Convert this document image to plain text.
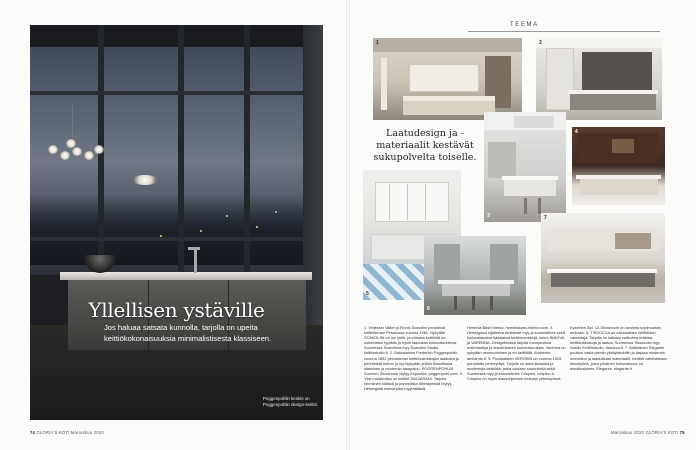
Yllellisen ystäville
Jos haluaa satsata kunnolla, tarjolla on upeita keittiökokonaisuuksia minimalistisesta klassiseen.
Poggenpohlin keskiö on Poggenpohlin design-keittiö.
74 GLORIA'S KOTI Marraskuu 2020
TEEMA
1	2
3
4
5
6
7
Laatudesign ja -materiaalit kestävät sukupolvelta toiselle.

1. Veljekset Valter ja Finnis Scavolini perustivat keittiöfirman Pesarossa vuonna 1961. Nykyään SCAVOLINI on iso yhtiö, ja erilaisia keittiöitä on uskomaton tyylikäs ja hyvin laadukas kokonaisuutena. Suomessa Scavolinia myy Scavolini Studio, keittiostudio.fi. 2. Saksalaisen Frederich Poggenpohlin vuonna 1892 perustaman keittiövalmistajan laadusta ja perinteistä kertoo jo nyt Nykyään yhtiön filosofiassa klassinen ja modernin tasapaino. POGGENPOHLIN Suomen Showroom löytyy Espoosta, poggenpohl.com. 3. Yksi mallistoista on keittiöt SALVARANI. Tarjolla kermiinen kiiltävä ja paneellista lähestymistä löytyy, Helsingistä esimerkiksi myymälästä.

Hemmia Bäst Interior, hemmiabast-interior.com. 4. Helsingissä sijaitseva Ambiente myy ja suunnittelee sekä korkeatasoisia Italialaisia keittiömerkkejä, kuten BINOVA ja VARENNA. Designtiloissa tarjolla monipuolisia materiaaleja ja sisustukseen kokonaisuuksia. Varenna on nykyään neomuotoinen ja eri keittiöitä. Ambiente, ambiente.fi. 5. Puolalaisten VEROKIN on vuonna 1925 perustettu perheyritys. Tarjolla on sekä klassisia ja moderneja keittiöitä, jotka voidaan suunnitella sekä Suomessa myy ja suunnittelee Crispino, crispino.fi. Crispino on myös tilausohjelman mukaan yhteistyössä.

Kyseinen Äpl. 12-Showroom on avoinna sopimuksen mukaan. 6. TISSOCCA on saksalainen keittiöiden valmistaja. Tarjolla on kattava valikoima erilaisia keittiöratkaisuja ja laatua. Suomessa Tissoccaa myy Nordic Keittiöstudio, tissocca.fi. 7. Italialainen Elegante puuttuu vasta pieniin yksityiskohtiin ja tarjoaa modernin muotoilun ja laadukkaat materiaalit. Keittiöt valmistetaan tilaustyönä, joten jokainen kokonaisuus on ainutlaatuinen. Elegante, elegante.fi.

Marraskuu 2020 GLORIA'S KOTI 75
